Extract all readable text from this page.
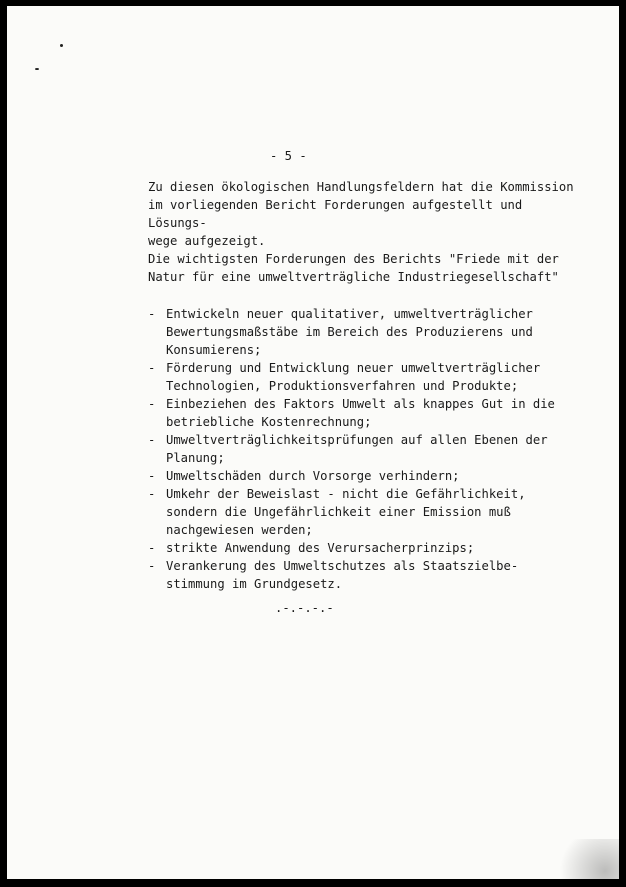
- 5 -

Zu diesen ökologischen Handlungsfeldern hat die Kommission
im vorliegenden Bericht Forderungen aufgestellt und Lösungs-
wege aufgezeigt.

Die wichtigsten Forderungen des Berichts "Friede mit der
Natur für eine umweltverträgliche Industriegesellschaft"

- Entwickeln neuer qualitativer, umweltverträglicher
Bewertungsmaßstäbe im Bereich des Produzierens und
Konsumierens;
- Förderung und Entwicklung neuer umweltverträglicher
Technologien, Produktionsverfahren und Produkte;
- Einbeziehen des Faktors Umwelt als knappes Gut in die
betriebliche Kostenrechnung;
- Umweltverträglichkeitsprüfungen auf allen Ebenen der
Planung;
- Umweltschäden durch Vorsorge verhindern;
- Umkehr der Beweislast - nicht die Gefährlichkeit,
sondern die Ungefährlichkeit einer Emission muß
nachgewiesen werden;
- strikte Anwendung des Verursacherprinzips;
- Verankerung des Umweltschutzes als Staatszielbe-
stimmung im Grundgesetz.
.-.-.-.-
